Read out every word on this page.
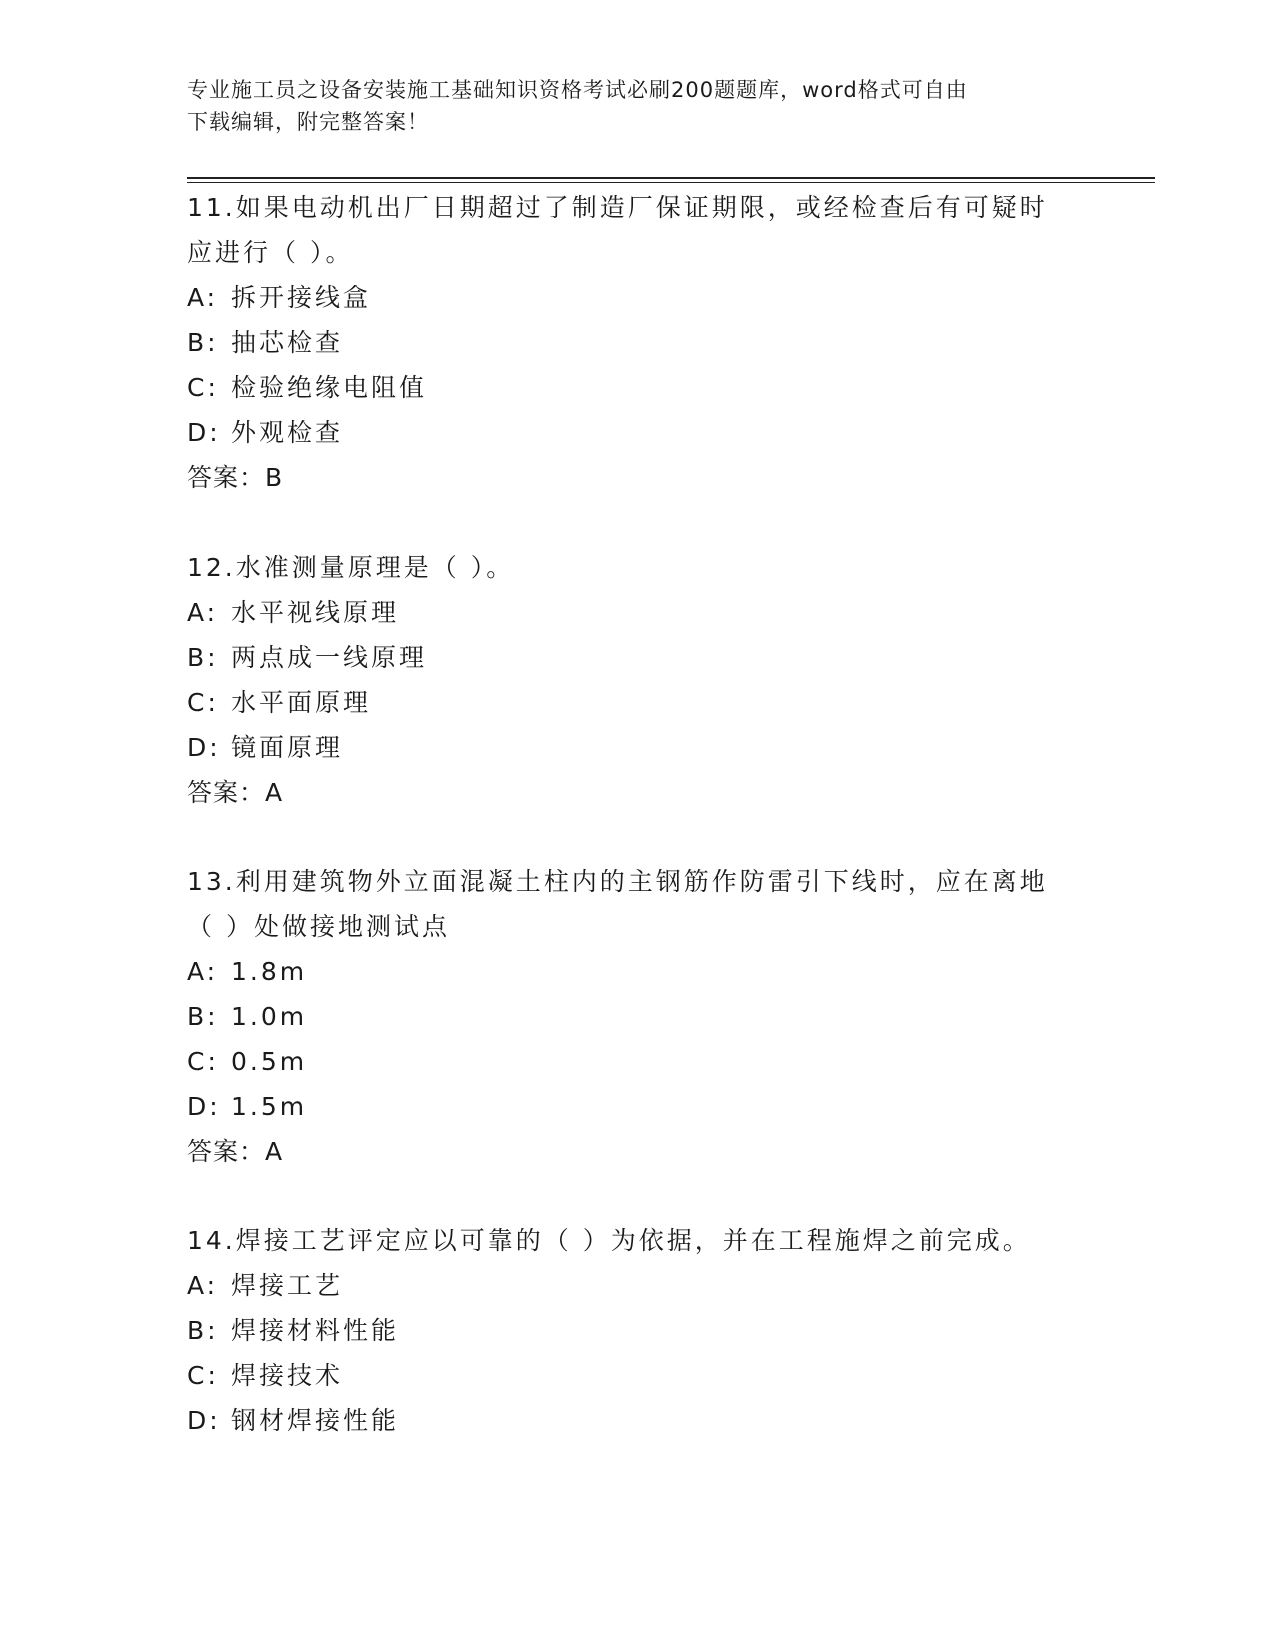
专业施工员之设备安装施工基础知识资格考试必刷200题题库，word格式可自由
下载编辑，附完整答案！
11.如果电动机出厂日期超过了制造厂保证期限，或经检查后有可疑时
应进行（ ）。
A: 拆开接线盒
B: 抽芯检查
C: 检验绝缘电阻值
D: 外观检查
答案：B
12.水准测量原理是（ ）。
A: 水平视线原理
B: 两点成一线原理
C: 水平面原理
D: 镜面原理
答案：A
13.利用建筑物外立面混凝土柱内的主钢筋作防雷引下线时，应在离地
（ ）处做接地测试点
A: 1.8m
B: 1.0m
C: 0.5m
D: 1.5m
答案：A
14.焊接工艺评定应以可靠的（ ）为依据，并在工程施焊之前完成。
A: 焊接工艺
B: 焊接材料性能
C: 焊接技术
D: 钢材焊接性能
